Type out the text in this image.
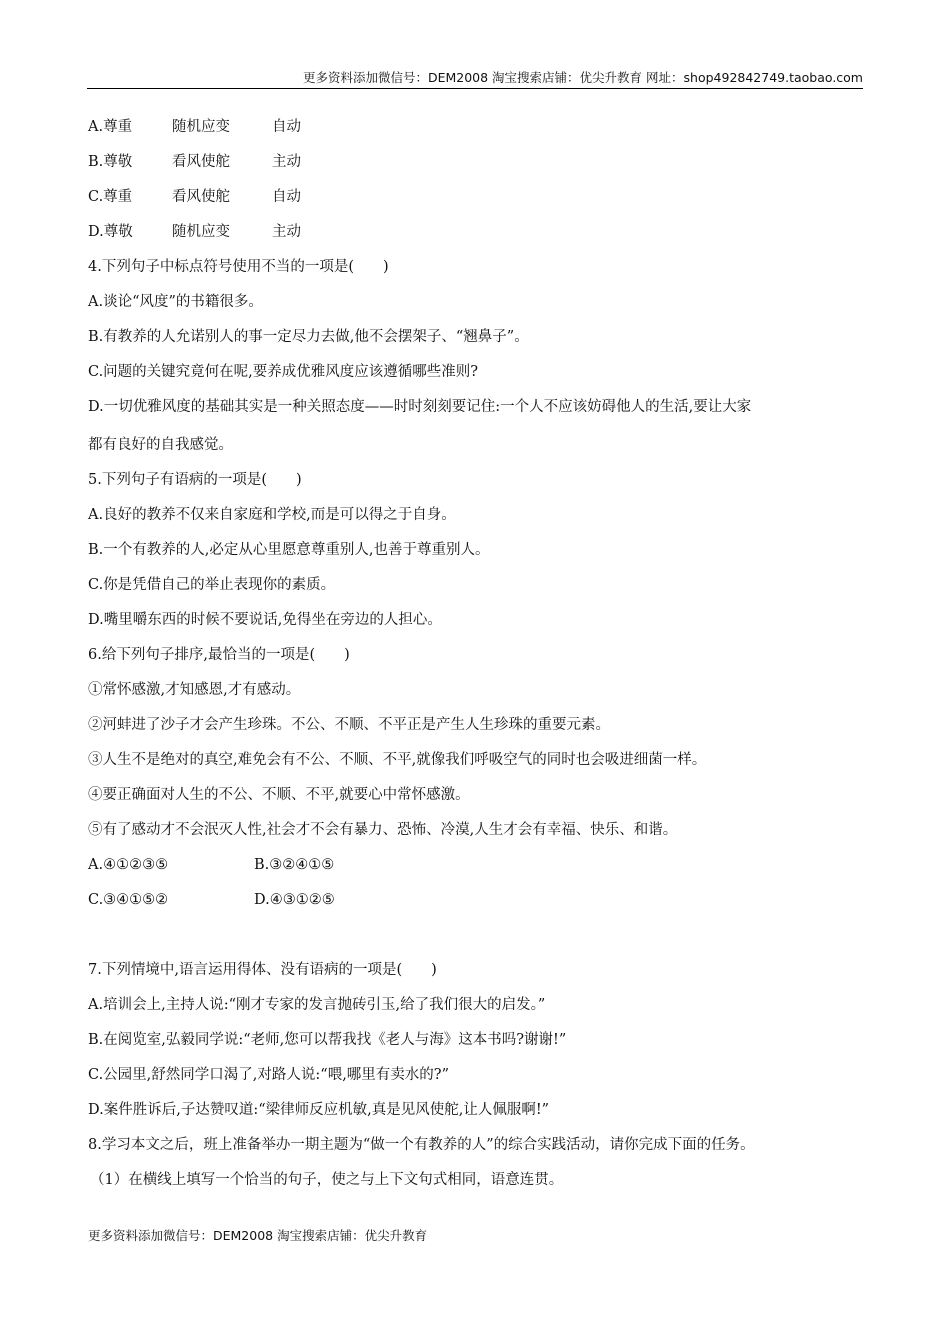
更多资料添加微信号：DEM2008 淘宝搜索店铺：优尖升教育 网址：shop492842749.taobao.com
A.尊重	随机应变	自动
B.尊敬	看风使舵	主动
C.尊重	看风使舵	自动
D.尊敬	随机应变	主动
4.下列句子中标点符号使用不当的一项是(　　)
A.谈论“风度”的书籍很多。
B.有教养的人允诺别人的事一定尽力去做,他不会摆架子、“翘鼻子”。
C.问题的关键究竟何在呢,要养成优雅风度应该遵循哪些准则?
D.一切优雅风度的基础其实是一种关照态度——时时刻刻要记住:一个人不应该妨碍他人的生活,要让大家
都有良好的自我感觉。
5.下列句子有语病的一项是(　　)
A.良好的教养不仅来自家庭和学校,而是可以得之于自身。
B.一个有教养的人,必定从心里愿意尊重别人,也善于尊重别人。
C.你是凭借自己的举止表现你的素质。
D.嘴里嚼东西的时候不要说话,免得坐在旁边的人担心。
6.给下列句子排序,最恰当的一项是(　　)
①常怀感激,才知感恩,才有感动。
②河蚌进了沙子才会产生珍珠。不公、不顺、不平正是产生人生珍珠的重要元素。
③人生不是绝对的真空,难免会有不公、不顺、不平,就像我们呼吸空气的同时也会吸进细菌一样。
④要正确面对人生的不公、不顺、不平,就要心中常怀感激。
⑤有了感动才不会泯灭人性,社会才不会有暴力、恐怖、冷漠,人生才会有幸福、快乐、和谐。
A.④①②③⑤	B.③②④①⑤
C.③④①⑤②	D.④③①②⑤
7.下列情境中,语言运用得体、没有语病的一项是(　　)
A.培训会上,主持人说:“刚才专家的发言抛砖引玉,给了我们很大的启发。”
B.在阅览室,弘毅同学说:“老师,您可以帮我找《老人与海》这本书吗?谢谢!”
C.公园里,舒然同学口渴了,对路人说:“喂,哪里有卖水的?”
D.案件胜诉后,子达赞叹道:“梁律师反应机敏,真是见风使舵,让人佩服啊!”
8.学习本文之后，班上准备举办一期主题为“做一个有教养的人”的综合实践活动，请你完成下面的任务。
（1）在横线上填写一个恰当的句子，使之与上下文句式相同，语意连贯。
更多资料添加微信号：DEM2008 淘宝搜索店铺：优尖升教育
